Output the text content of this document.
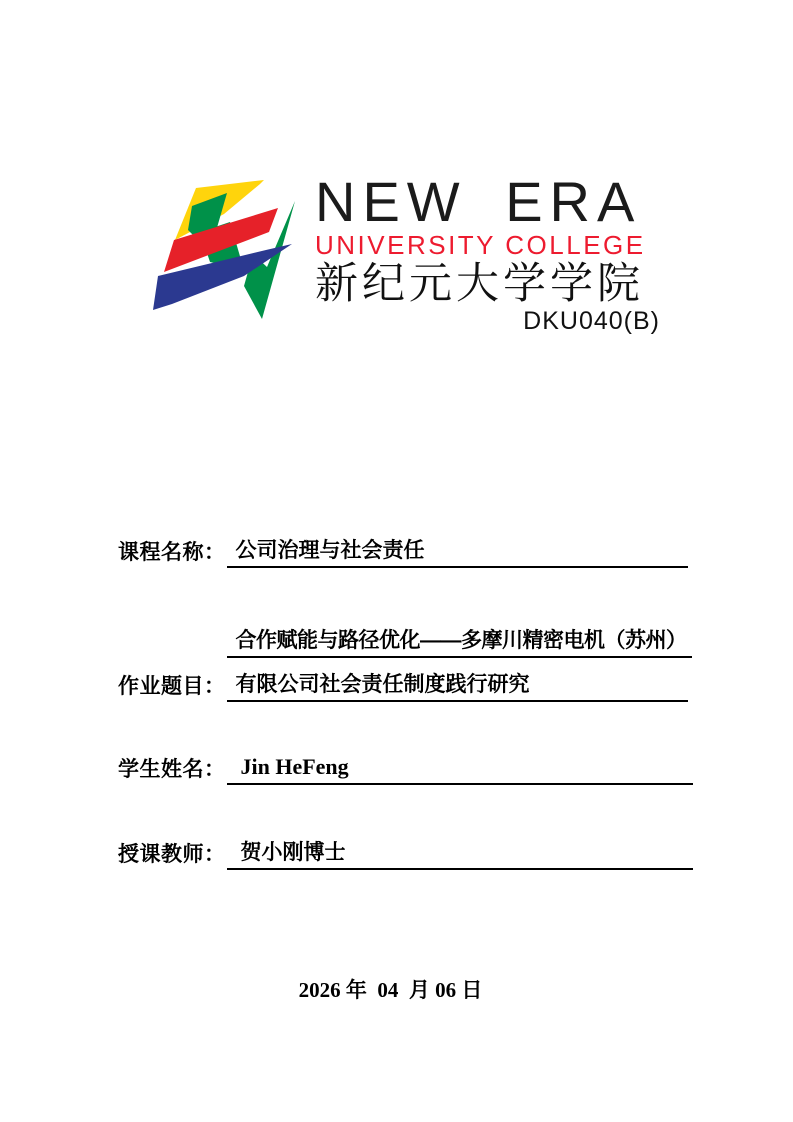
NEW ERA
UNIVERSITY COLLEGE
新纪元大学学院
DKU040(B)
课程名称： 公司治理与社会责任
作业题目：
合作赋能与路径优化——多摩川精密电机（苏州）
有限公司社会责任制度践行研究
学生姓名： Jin HeFeng
授课教师： 贺小刚博士
2026 年  04  月 06 日
